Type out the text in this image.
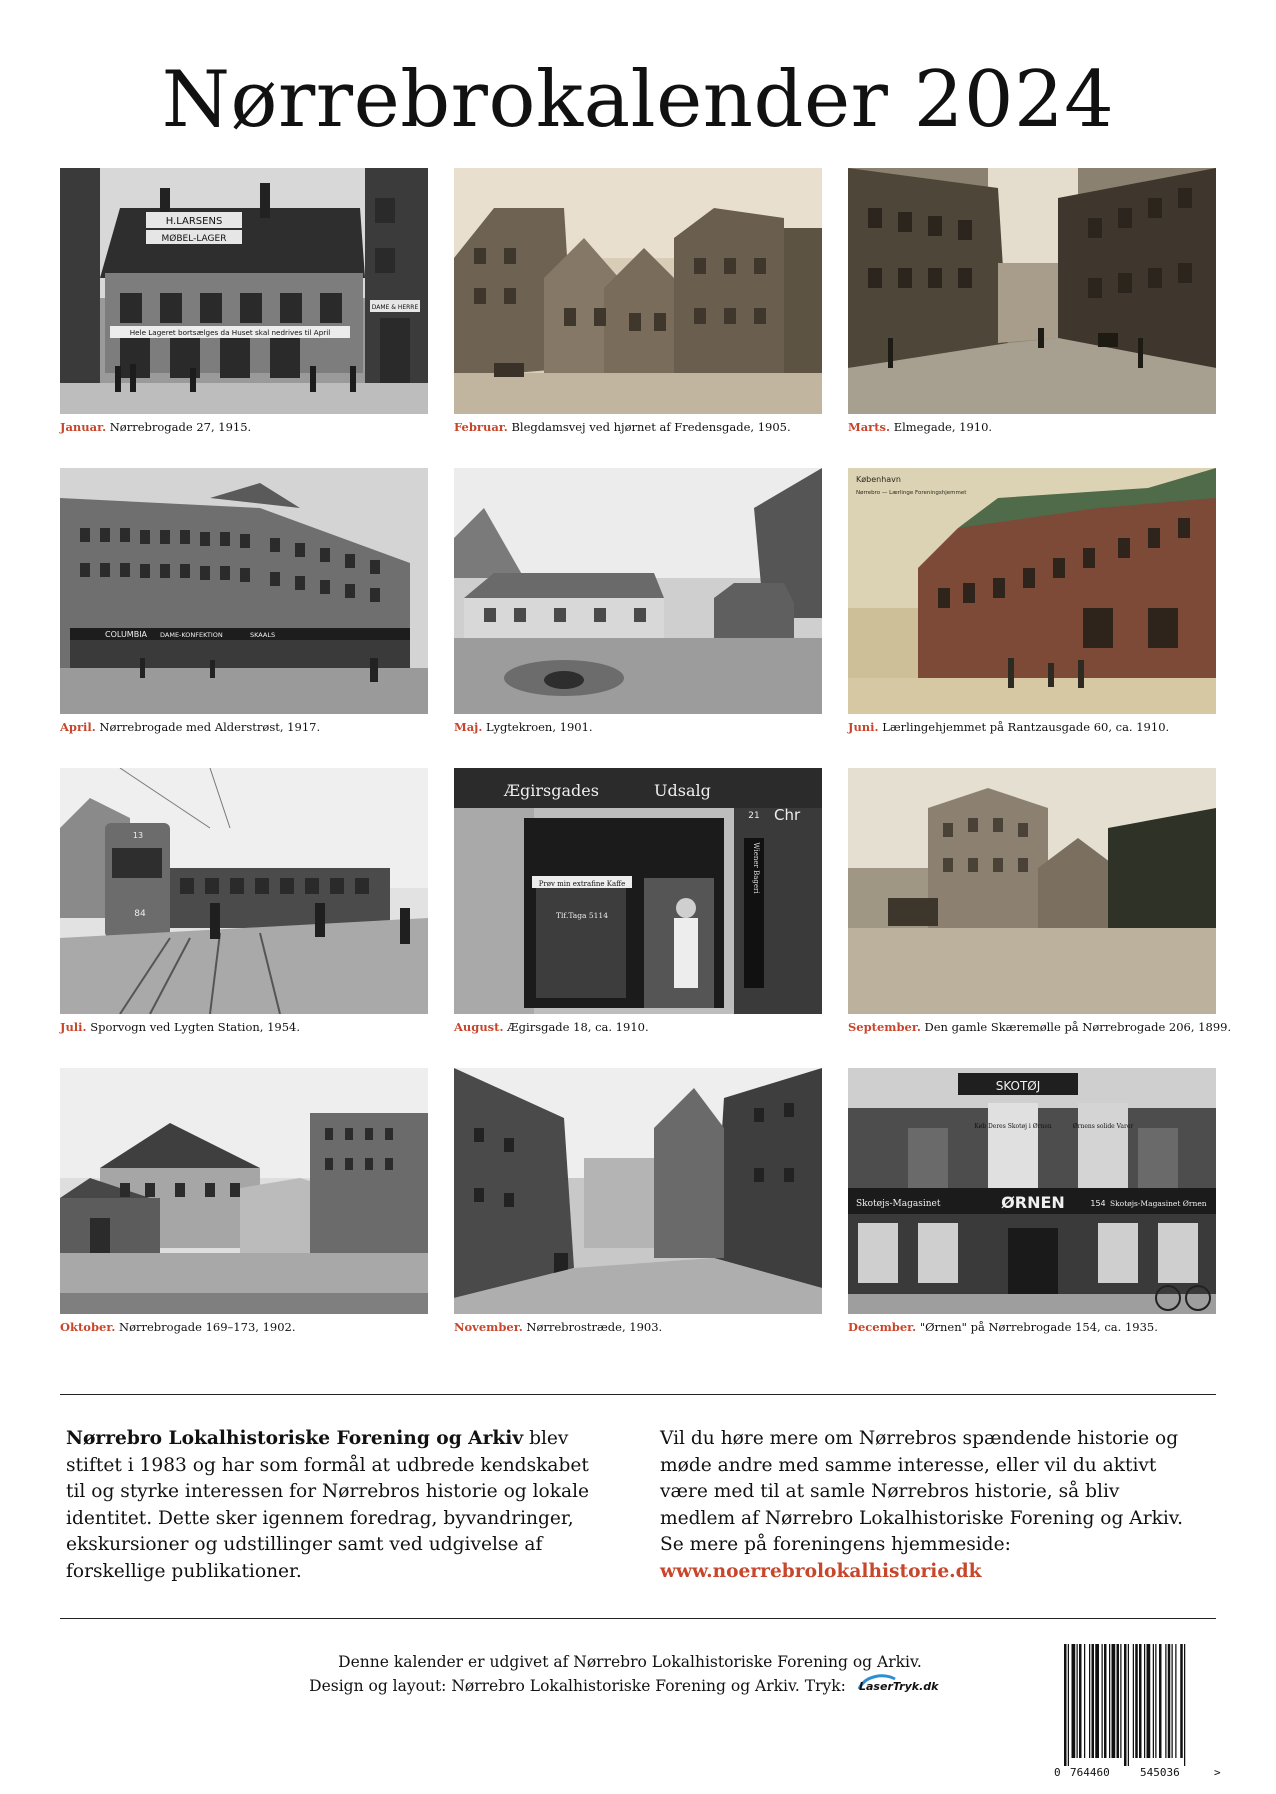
Nørrebrokalender 2024
H.LARSENS
MØBEL-LAGER
Hele Lageret bortsælges da Huset skal nedrives til April
DAME & HERRE
Januar. Nørrebrogade 27, 1915.	Februar. Blegdamsvej ved hjørnet af Fredensgade, 1905.	Marts. Elmegade, 1910.
COLUMBIA DAME-KONFEKTION	SKAALS
April. Nørrebrogade med Alderstrøst, 1917.	Maj. Lygtekroen, 1901.
København
Nørrebro — Lærlinge Foreningshjemmet
Juni. Lærlingehjemmet på Rantzausgade 60, ca. 1910.
84
13
Juli. Sporvogn ved Lygten Station, 1954.
Ægirsgades	Udsalg
Chr
Prøv min extrafine Kaffe
Tlf.Taga 5114
21
Wiener Bageri
August. Ægirsgade 18, ca. 1910.	September. Den gamle Skæremølle på Nørrebrogade 206, 1899.
Oktober. Nørrebrogade 169–173, 1902.	November. Nørrebrostræde, 1903.
SKOTØJ
ØRNEN
Skotøjs-Magasinet	Skotøjs-Magasinet Ørnen
154
Køb Deres Skotøj i Ørnen	Ørnens solide Varer
December. "Ørnen" på Nørrebrogade 154, ca. 1935.
Nørrebro Lokalhistoriske Forening og Arkiv blev stiftet i 1983 og har som formål at udbrede kendskabet til og styrke interessen for Nørrebros historie og lokale identitet. Dette sker igennem foredrag, byvandringer, ekskursioner og udstillinger samt ved udgivelse af forskellige publikationer.
Vil du høre mere om Nørrebros spændende historie og møde andre med samme interesse, eller vil du aktivt være med til at samle Nørrebros historie, så bliv medlem af Nørrebro Lokalhistoriske Forening og Arkiv. Se mere på foreningens hjemmeside: www.noerrebrolokalhistorie.dk
Denne kalender er udgivet af Nørrebro Lokalhistoriske Forening og Arkiv.
Design og layout: Nørrebro Lokalhistoriske Forening og Arkiv. Tryk: LaserTryk.dk
0 764460	545036	>
